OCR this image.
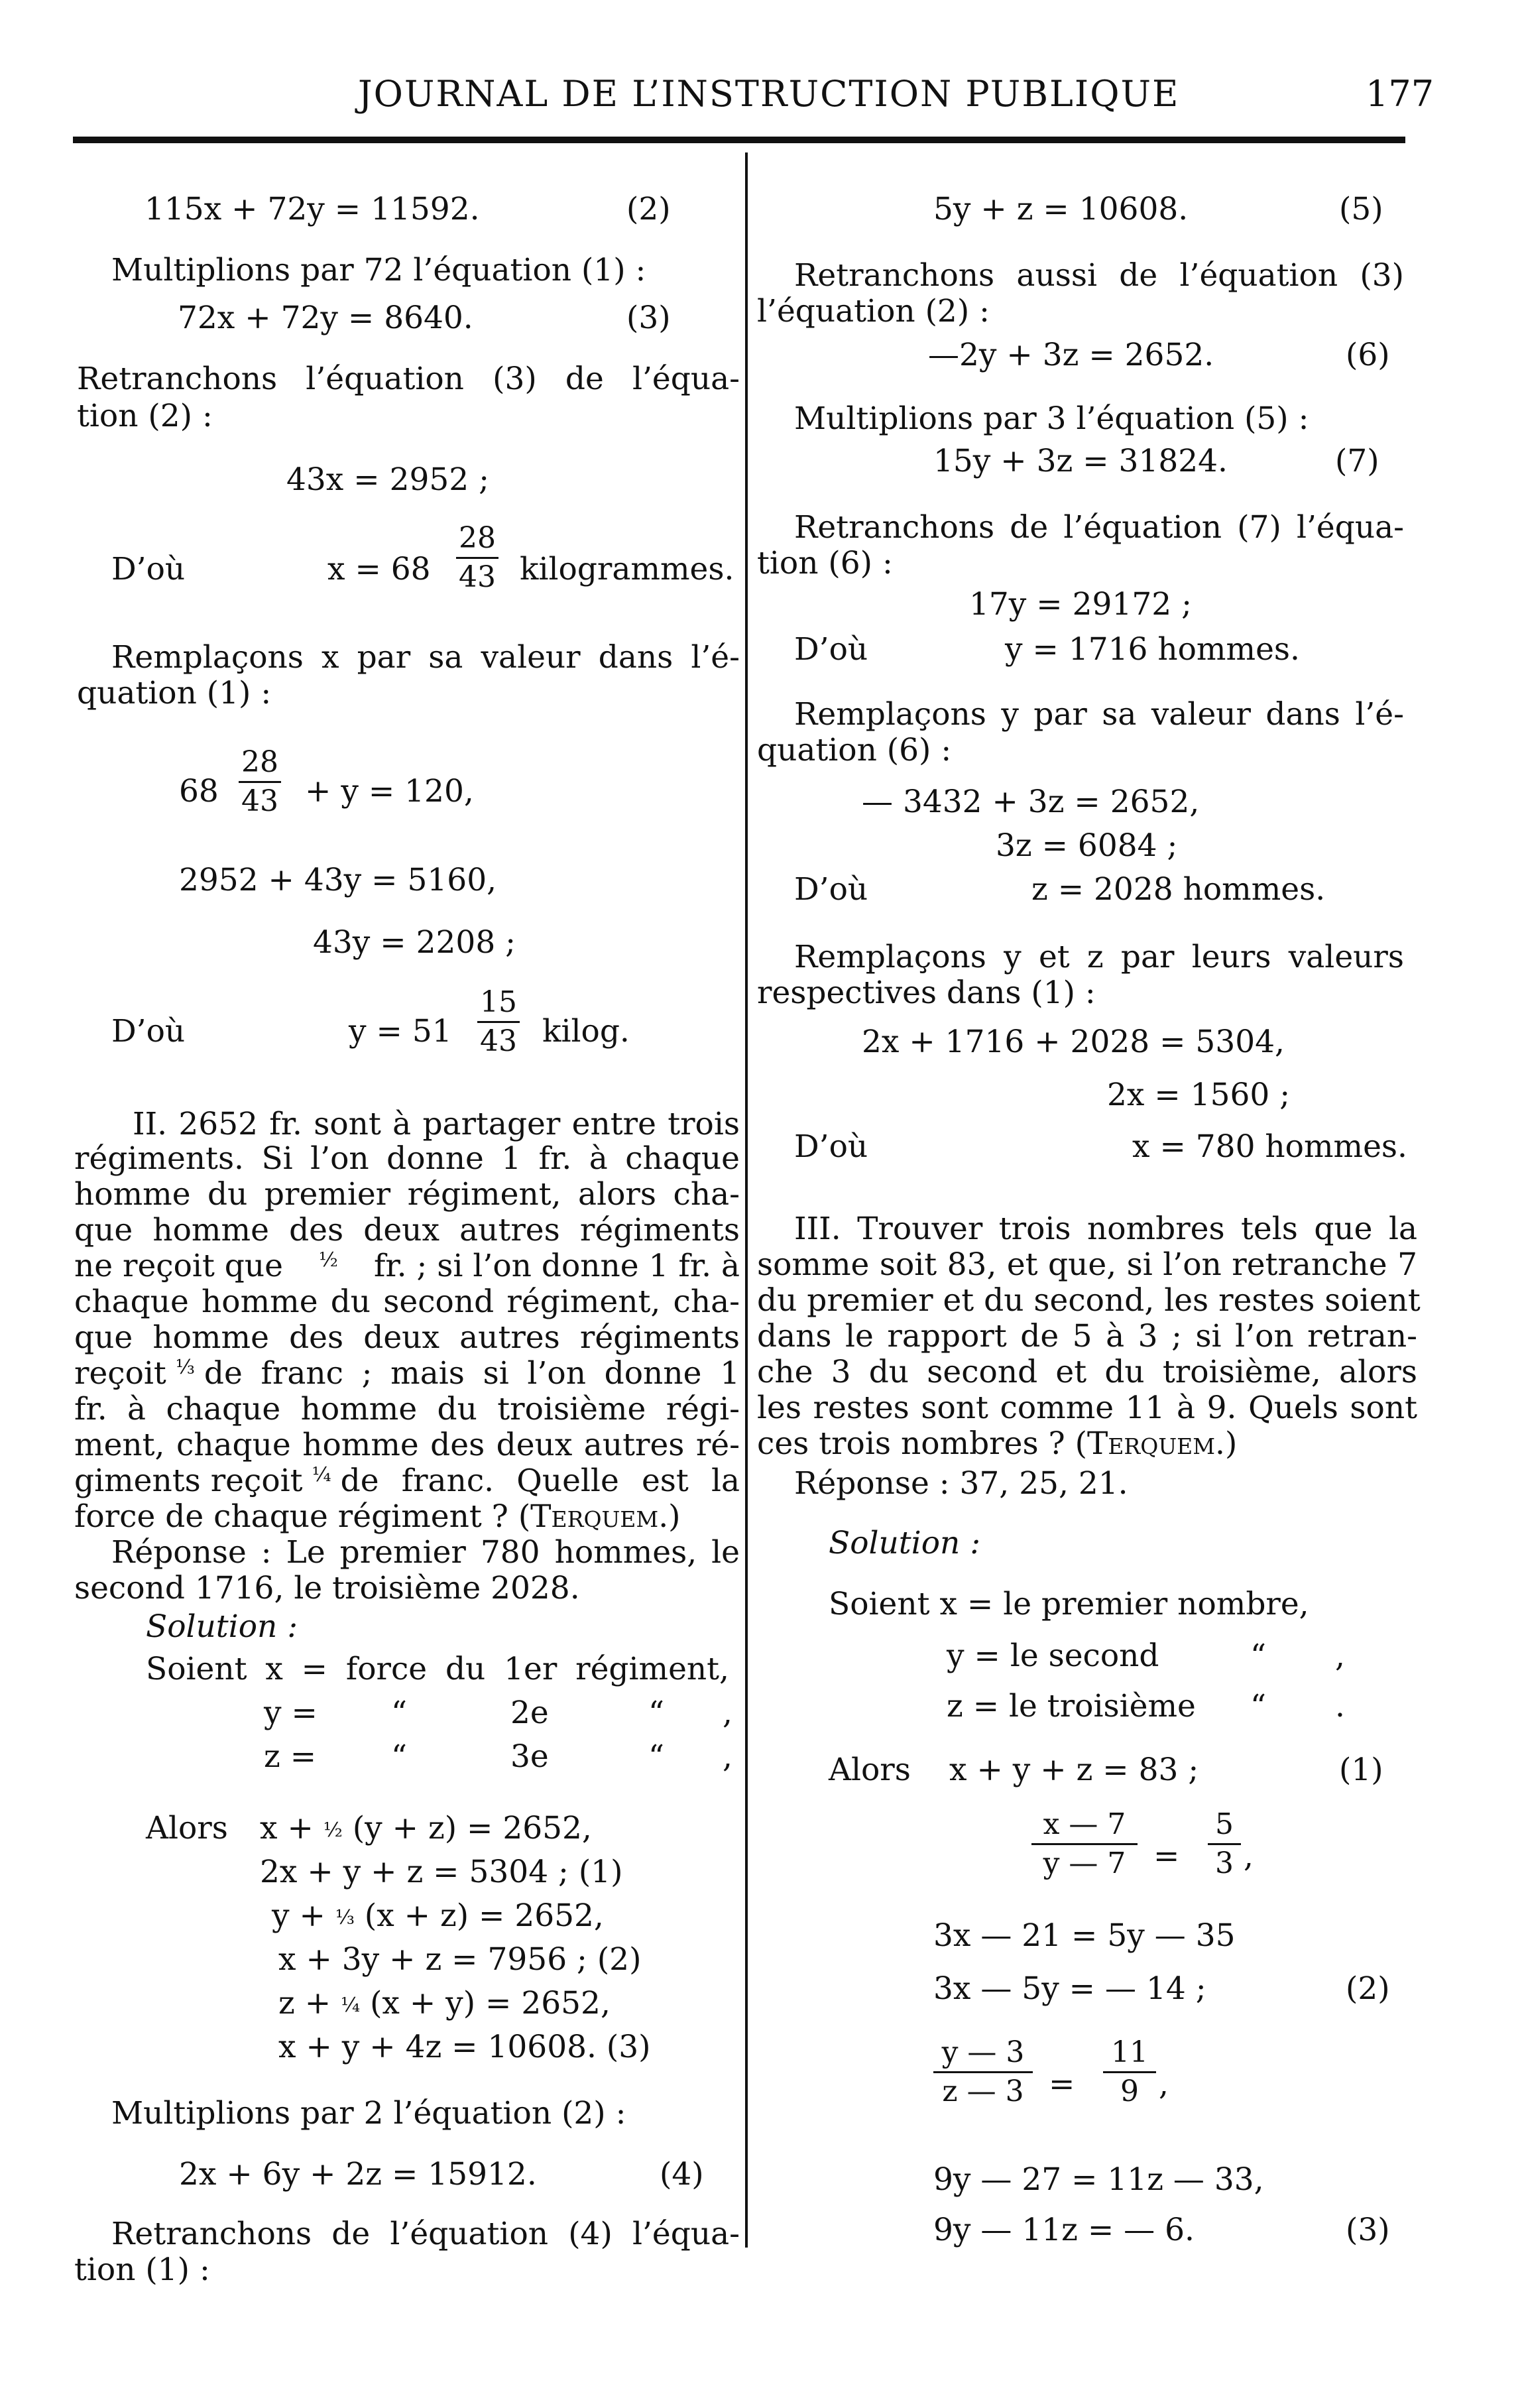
JOURNAL DE L’INSTRUCTION PUBLIQUE	177
115x + 72y = 11592.	(2)
Multiplions par 72 l’équation (1) :
72x + 72y = 8640.	(3)
Retranchons l’équation (3) de l’équa-
tion (2) :
43x = 2952 ;
D’où	x = 68
28
43 kilogrammes.
Remplaçons x par sa valeur dans l’é-
quation (1) :
68
28
43 + y = 120,
2952 + 43y = 5160,
43y = 2208 ;
D’où	y = 51
15
43 kilog.
II. 2652 fr. sont à partager entre trois
régiments. Si l’on donne 1 fr. à chaque
homme du premier régiment, alors cha-
que homme des deux autres régiments
ne reçoit que ½ fr. ; si l’on donne 1 fr. à
chaque homme du second régiment, cha-
que homme des deux autres régiments
reçoit ⅓ de franc ; mais si l’on donne 1
fr. à chaque homme du troisième régi-
ment, chaque homme des deux autres ré-
giments reçoit ¼ de franc. Quelle est la
force de chaque régiment ? (Terquem.)
Réponse : Le premier 780 hommes, le
second 1716, le troisième 2028.
Solution :
Soient x = force du 1er régiment,
y = “	2e	“ ,
z = “	3e	“ ,
Alors x + ½ (y + z) = 2652,
2x + y + z = 5304 ; (1)
y + ⅓ (x + z) = 2652,
x + 3y + z = 7956 ; (2)
z + ¼ (x + y) = 2652,
x + y + 4z = 10608. (3)
Multiplions par 2 l’équation (2) :
2x + 6y + 2z = 15912.	(4)
Retranchons de l’équation (4) l’équa-
tion (1) :
5y + z = 10608.	(5)
Retranchons aussi de l’équation (3)
l’équation (2) :
—2y + 3z = 2652.	(6)
Multiplions par 3 l’équation (5) :
15y + 3z = 31824.	(7)
Retranchons de l’équation (7) l’équa-
tion (6) :
17y = 29172 ;
D’où	y = 1716 hommes.
Remplaçons y par sa valeur dans l’é-
quation (6) :
— 3432 + 3z = 2652,
3z = 6084 ;
D’où	z = 2028 hommes.
Remplaçons y et z par leurs valeurs
respectives dans (1) :
2x + 1716 + 2028 = 5304,
2x = 1560 ;
D’où	x = 780 hommes.
III. Trouver trois nombres tels que la
somme soit 83, et que, si l’on retranche 7
du premier et du second, les restes soient
dans le rapport de 5 à 3 ; si l’on retran-
che 3 du second et du troisième, alors
les restes sont comme 11 à 9. Quels sont
ces trois nombres ? (Terquem.)
Réponse : 37, 25, 21.
Solution :
Soient x = le premier nombre,
y = le second	“ ,
z = le troisième “ .
Alors x + y + z = 83 ;	(1)
x — 7
y — 7 =
5
3 ,
3x — 21 = 5y — 35
3x — 5y = — 14 ;	(2)
y — 3
z — 3 =
11
9 ,
9y — 27 = 11z — 33,
9y — 11z = — 6.	(3)
